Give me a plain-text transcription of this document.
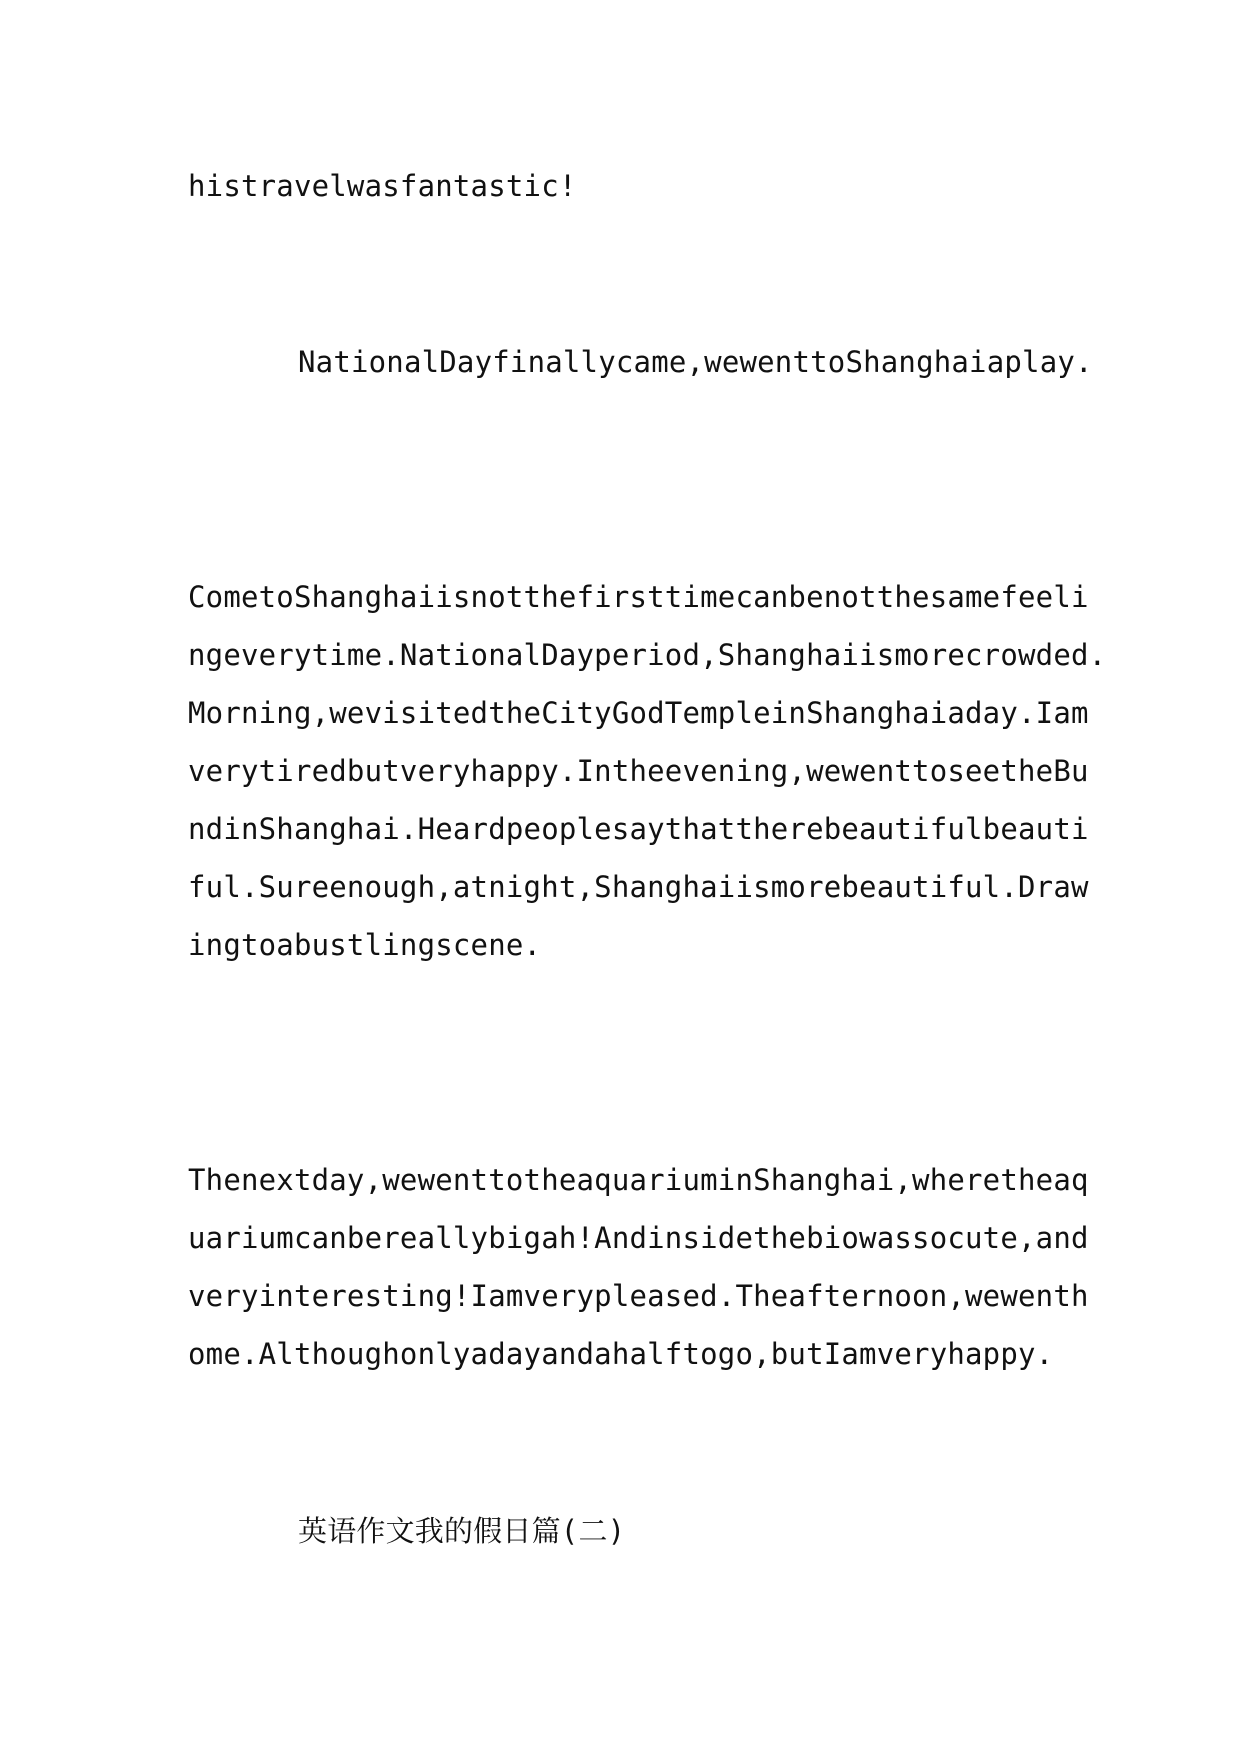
histravelwasfantastic!
NationalDayfinallycame,wewenttoShanghaiaplay.
CometoShanghaiisnotthefirsttimecanbenotthesamefeeli
ngeverytime.NationalDayperiod,Shanghaiismorecrowded.
Morning,wevisitedtheCityGodTempleinShanghaiaday.Iam
verytiredbutveryhappy.Intheevening,wewenttoseetheBu
ndinShanghai.Heardpeoplesaythattherebeautifulbeauti
ful.Sureenough,atnight,Shanghaiismorebeautiful.Draw
ingtoabustlingscene.
Thenextday,wewenttotheaquariuminShanghai,wheretheaq
uariumcanbereallybigah!Andinsidethebiowassocute,and
veryinteresting!Iamverypleased.Theafternoon,wewenth
ome.Althoughonlyadayandahalftogo,butIamveryhappy.
英语作文我的假日篇(二)
